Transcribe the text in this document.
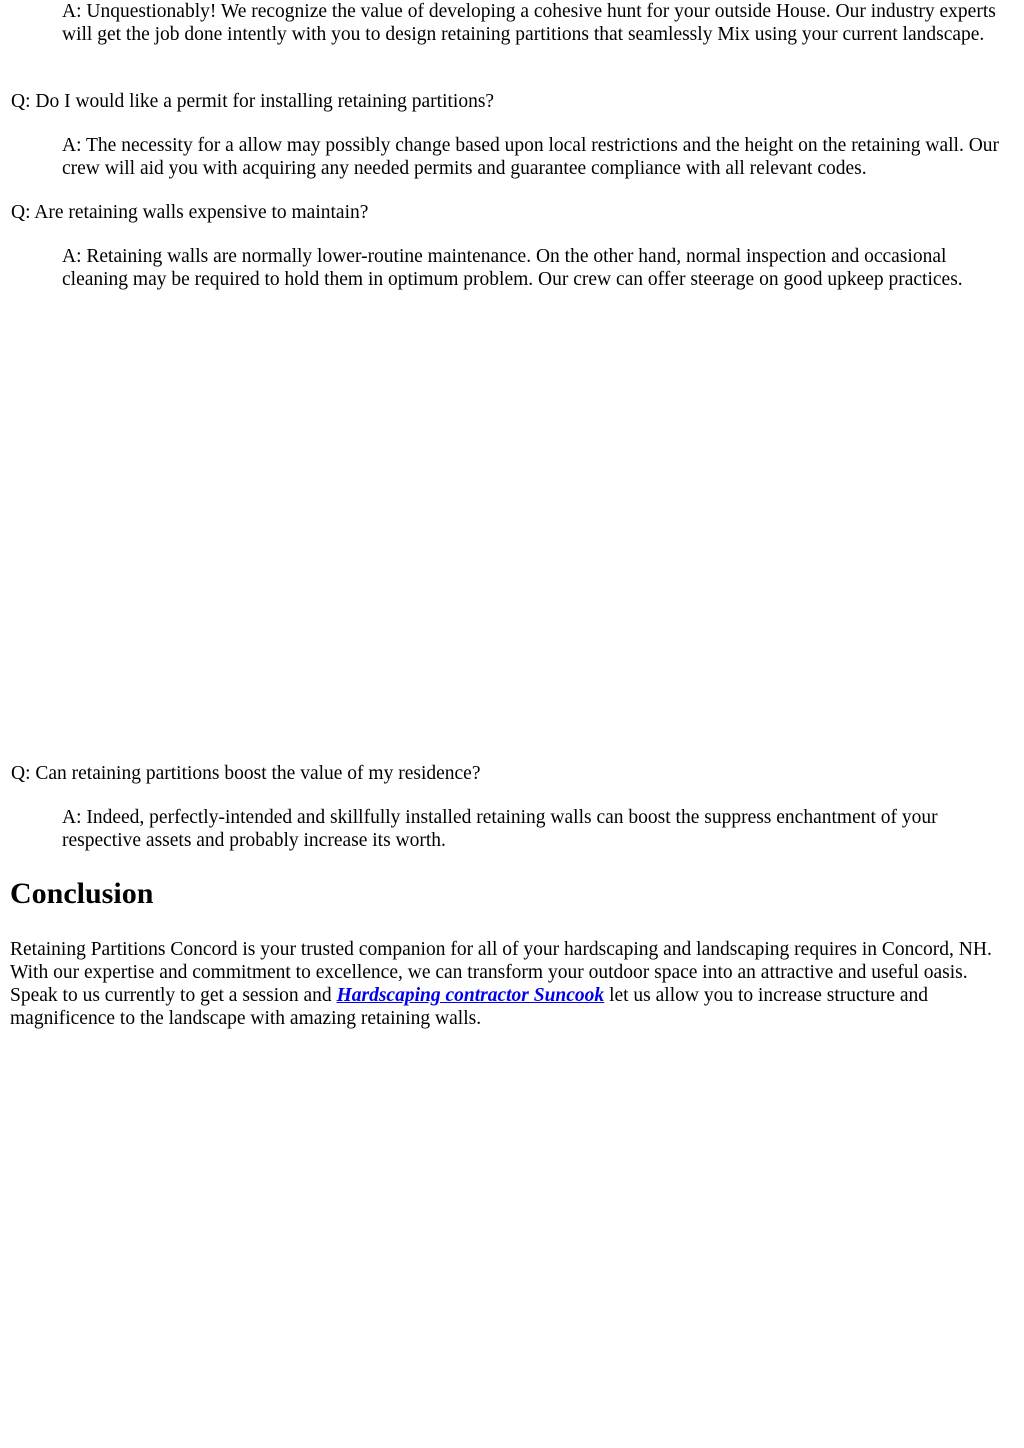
A: Unquestionably! We recognize the value of developing a cohesive hunt for your outside House. Our industry experts will get the job done intently with you to design retaining partitions that seamlessly Mix using your current landscape.

Q: Do I would like a permit for installing retaining partitions?

A: The necessity for a allow may possibly change based upon local restrictions and the height on the retaining wall. Our crew will aid you with acquiring any needed permits and guarantee compliance with all relevant codes.

Q: Are retaining walls expensive to maintain?

A: Retaining walls are normally lower-routine maintenance. On the other hand, normal inspection and occasional cleaning may be required to hold them in optimum problem. Our crew can offer steerage on good upkeep practices.

Q: Can retaining partitions boost the value of my residence?

A: Indeed, perfectly-intended and skillfully installed retaining walls can boost the suppress enchantment of your respective assets and probably increase its worth.

Conclusion

Retaining Partitions Concord is your trusted companion for all of your hardscaping and landscaping requires in Concord, NH. With our expertise and commitment to excellence, we can transform your outdoor space into an attractive and useful oasis. Speak to us currently to get a session and Hardscaping contractor Suncook let us allow you to increase structure and magnificence to the landscape with amazing retaining walls.
